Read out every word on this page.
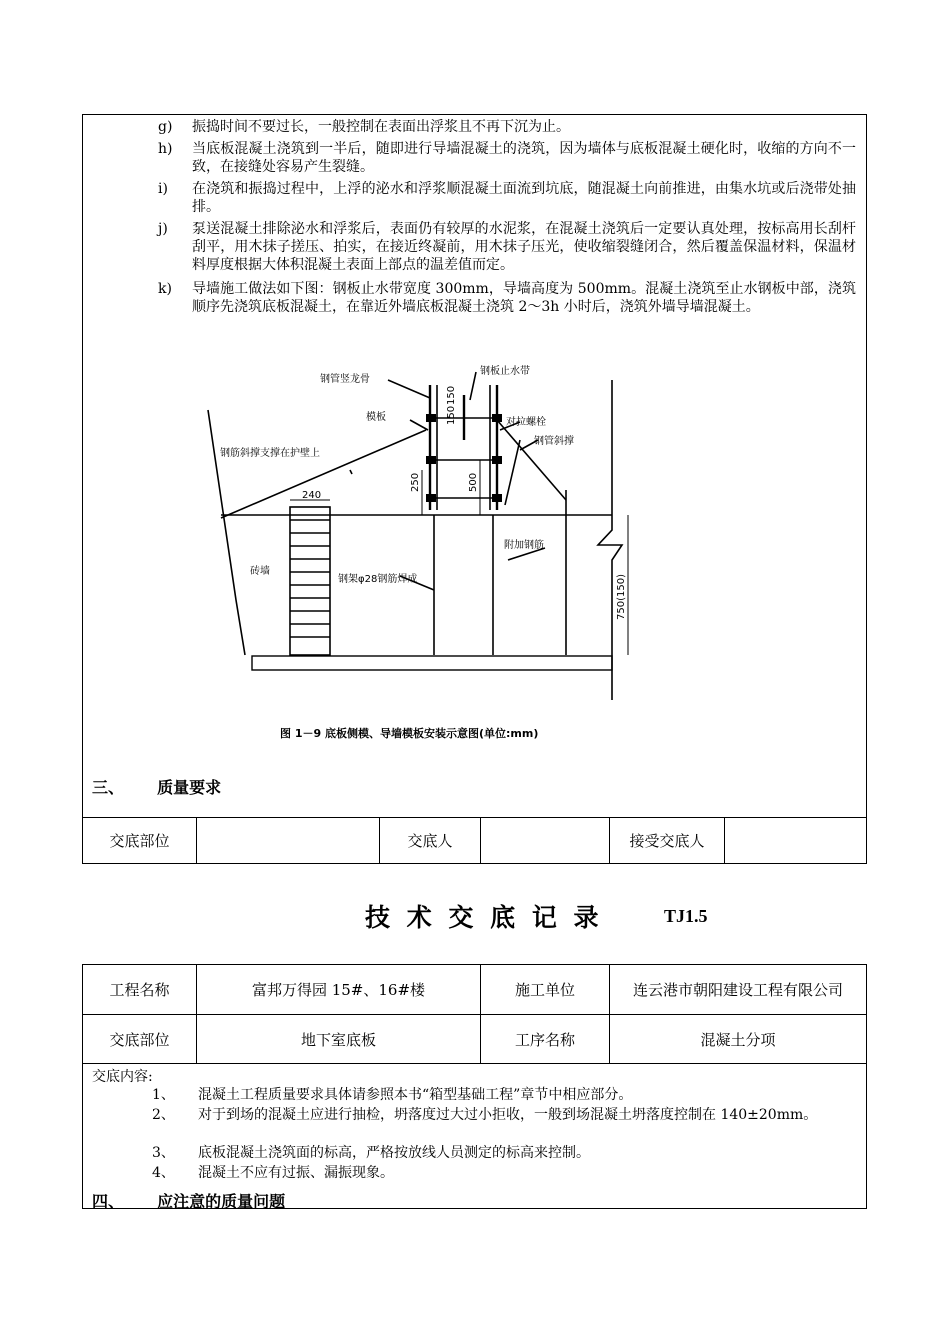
g) 振捣时间不要过长，一般控制在表面出浮浆且不再下沉为止。
h) 当底板混凝土浇筑到一半后，随即进行导墙混凝土的浇筑，因为墙体与底板混凝土硬化时，收缩的方向不一致，在接缝处容易产生裂缝。
i) 在浇筑和振捣过程中，上浮的泌水和浮浆顺混凝土面流到坑底，随混凝土向前推进，由集水坑或后浇带处抽排。
j) 泵送混凝土排除泌水和浮浆后，表面仍有较厚的水泥浆，在混凝土浇筑后一定要认真处理，按标高用长刮杆刮平，用木抹子搓压、拍实，在接近终凝前，用木抹子压光，使收缩裂缝闭合，然后覆盖保温材料，保温材料厚度根据大体积混凝土表面上部点的温差值而定。
k) 导墙施工做法如下图：钢板止水带宽度 300mm，导墙高度为 500mm。混凝土浇筑至止水钢板中部，浇筑顺序先浇筑底板混凝土，在靠近外墙底板混凝土浇筑 2～3h 小时后，浇筑外墙导墙混凝土。
钢管竖龙骨
钢板止水带
模板	对拉螺栓
钢筋斜撑支撑在护壁上
钢管斜撑
砖墙
钢架φ28钢筋焊成
附加钢筋
240
150
150
250	500
750(150)
图 1－9 底板侧模、导墙模板安装示意图(单位:mm)
三、 质量要求
交底部位	交底人	接受交底人
技 术 交 底 记 录	TJ1.5
工程名称	富邦万得园 15#、16#楼	施工单位	连云港市朝阳建设工程有限公司
交底部位	地下室底板	工序名称	混凝土分项
交底内容:
1、 混凝土工程质量要求具体请参照本书“箱型基础工程”章节中相应部分。
2、 对于到场的混凝土应进行抽检，坍落度过大过小拒收，一般到场混凝土坍落度控制在 140±20mm。
3、 底板混凝土浇筑面的标高，严格按放线人员测定的标高来控制。
4、 混凝土不应有过振、漏振现象。
四、 应注意的质量问题
